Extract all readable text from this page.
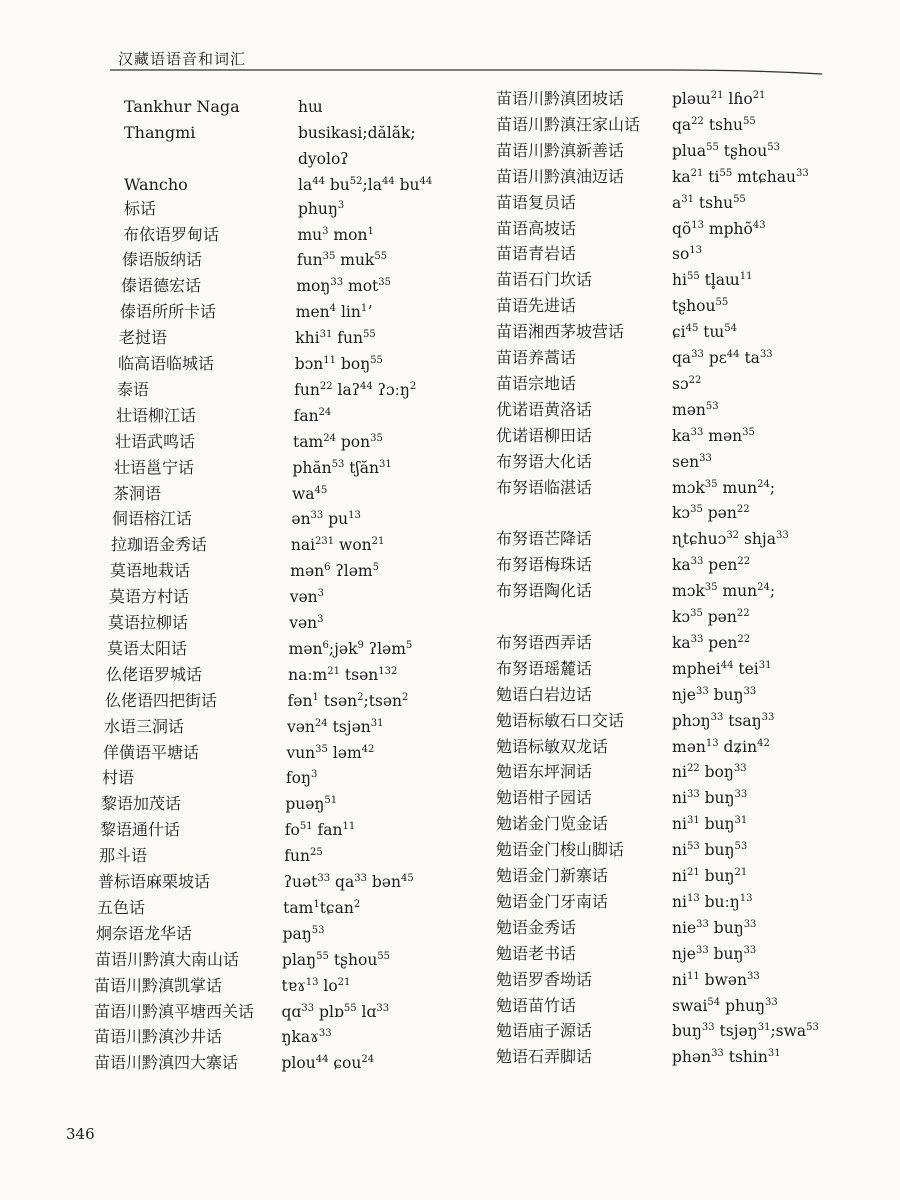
汉藏语语音和词汇
Tankhur Naga	hɯ
Thangmi	busikasi;dălăk;
dyoloʔ
Wancho	$la^{44}$ $bu^{52};la^{44}$ $bu^{44}$
标话	phuŋ$^3$
布依语罗甸话	$mu^3$ mon$^1$
傣语版纳话	fun$^{35}$ muk$^{55}$
傣语德宏话	moŋ$^{33}$ mot$^{35}$
傣语所所卡话	men$^4$ lin$^1$ʼ
老挝语	khi$^{31}$ fun$^{55}$
临高语临城话	bɔn$^{11}$ boŋ$^{55}$
泰语	fun$^{22}$ laʔ$^{44}$ ʔɔːŋ$^2$
壮语柳江话	fan$^{24}$
壮语武鸣话	tam$^{24}$ pon$^{35}$
壮语邕宁话	phăn$^{53}$ tʃăn$^{31}$
茶洞语	$wa^{45}$
侗语榕江话	ən$^{33}$ $pu^{13}$
拉珈语金秀话	nai$^{231}$ won$^{21}$
莫语地栽话	mən$^6$ ʔləm$^5$
莫语方村话	vən$^3$
莫语拉柳话	vən$^3$
莫语太阳话	mən$^6$;jək$^9$ ʔləm$^5$
仫佬语罗城话	naːm$^{21}$ tsən$^{132}$
仫佬语四把街话	fən$^1$ tsən$^2$;tsən$^2$
水语三洞话	vən$^{24}$ tsjən$^{31}$
佯僙语平塘话	vun$^{35}$ ləm$^{42}$
村语	foŋ$^3$
黎语加茂话	puəŋ$^{51}$
黎语通什话	$fo^{51}$ fan$^{11}$
那斗语	fun$^{25}$
普标语麻栗坡话	ʔuət$^{33}$ $qa^{33}$ bən$^{45}$
五色话	tam$^1$tɕan$^2$
炯奈语龙华话	paŋ$^{53}$
苗语川黔滇大南山话	plaŋ$^{55}$ tʂhou$^{55}$
苗语川黔滇凯掌话	tɐɤ$^{13}$ $lo^{21}$
苗语川黔滇平塘西关话 qɑ$^{33}$ plɒ$^{55}$ lɑ$^{33}$
苗语川黔滇沙井话	ŋkaɤ$^{33}$
苗语川黔滇四大寨话	plou$^{44}$ ɕou$^{24}$
苗语川黔滇团坡话	pləɯ$^{21}$ lɦo$^{21}$
苗语川黔滇汪家山话 $qa^{22}$ tshu$^{55}$
苗语川黔滇新善话	plua$^{55}$ tʂhou$^{53}$
苗语川黔滇油迈话	$ka^{21}$ $ti^{55}$ mtɕhau$^{33}$
苗语复员话	$a^{31}$ tshu$^{55}$
苗语高坡话	$qõ^{13}$ mphõ$^{43}$
苗语青岩话	$so^{13}$
苗语石门坎话	$hi^{55}$ tl̥aɯ$^{11}$
苗语先进话	tʂhou$^{55}$
苗语湘西茅坡营话	ɕi$^{45}$ tɯ$^{54}$
苗语养蒿话	$qa^{33}$ pɛ$^{44}$ $ta^{33}$
苗语宗地话	sɔ$^{22}$
优诺语黄洛话	mən$^{53}$
优诺语柳田话	$ka^{33}$ mən$^{35}$
布努语大化话	sen$^{33}$
布努语临湛话	mɔk$^{35}$ mun$^{24}$;
kɔ$^{35}$ pən$^{22}$
布努语芒降话	ɳtɕhuɔ$^{32}$ shja$^{33}$
布努语梅珠话	$ka^{33}$ pen$^{22}$
布努语陶化话	mɔk$^{35}$ mun$^{24}$;
kɔ$^{35}$ pən$^{22}$
布努语西弄话	$ka^{33}$ pen$^{22}$
布努语瑶麓话	mphei$^{44}$ tei$^{31}$
勉语白岩边话	nje$^{33}$ buŋ$^{33}$
勉语标敏石口交话	phɔŋ$^{33}$ tsaŋ$^{33}$
勉语标敏双龙话	mən$^{13}$ dʑin$^{42}$
勉语东坪洞话	$ni^{22}$ boŋ$^{33}$
勉语柑子园话	$ni^{33}$ buŋ$^{33}$
勉诺金门览金话	$ni^{31}$ buŋ$^{31}$
勉语金门梭山脚话	$ni^{53}$ buŋ$^{53}$
勉语金门新寨话	$ni^{21}$ buŋ$^{21}$
勉语金门牙南话	$ni^{13}$ buːŋ$^{13}$
勉语金秀话	nie$^{33}$ buŋ$^{33}$
勉语老书话	nje$^{33}$ buŋ$^{33}$
勉语罗香坳话	$ni^{11}$ bwən$^{33}$
勉语苗竹话	swai$^{54}$ phuŋ$^{33}$
勉语庙子源话	buŋ$^{33}$ tsjəŋ$^{31}$;swa$^{53}$
勉语石弄脚话	phən$^{33}$ tshin$^{31}$
346
